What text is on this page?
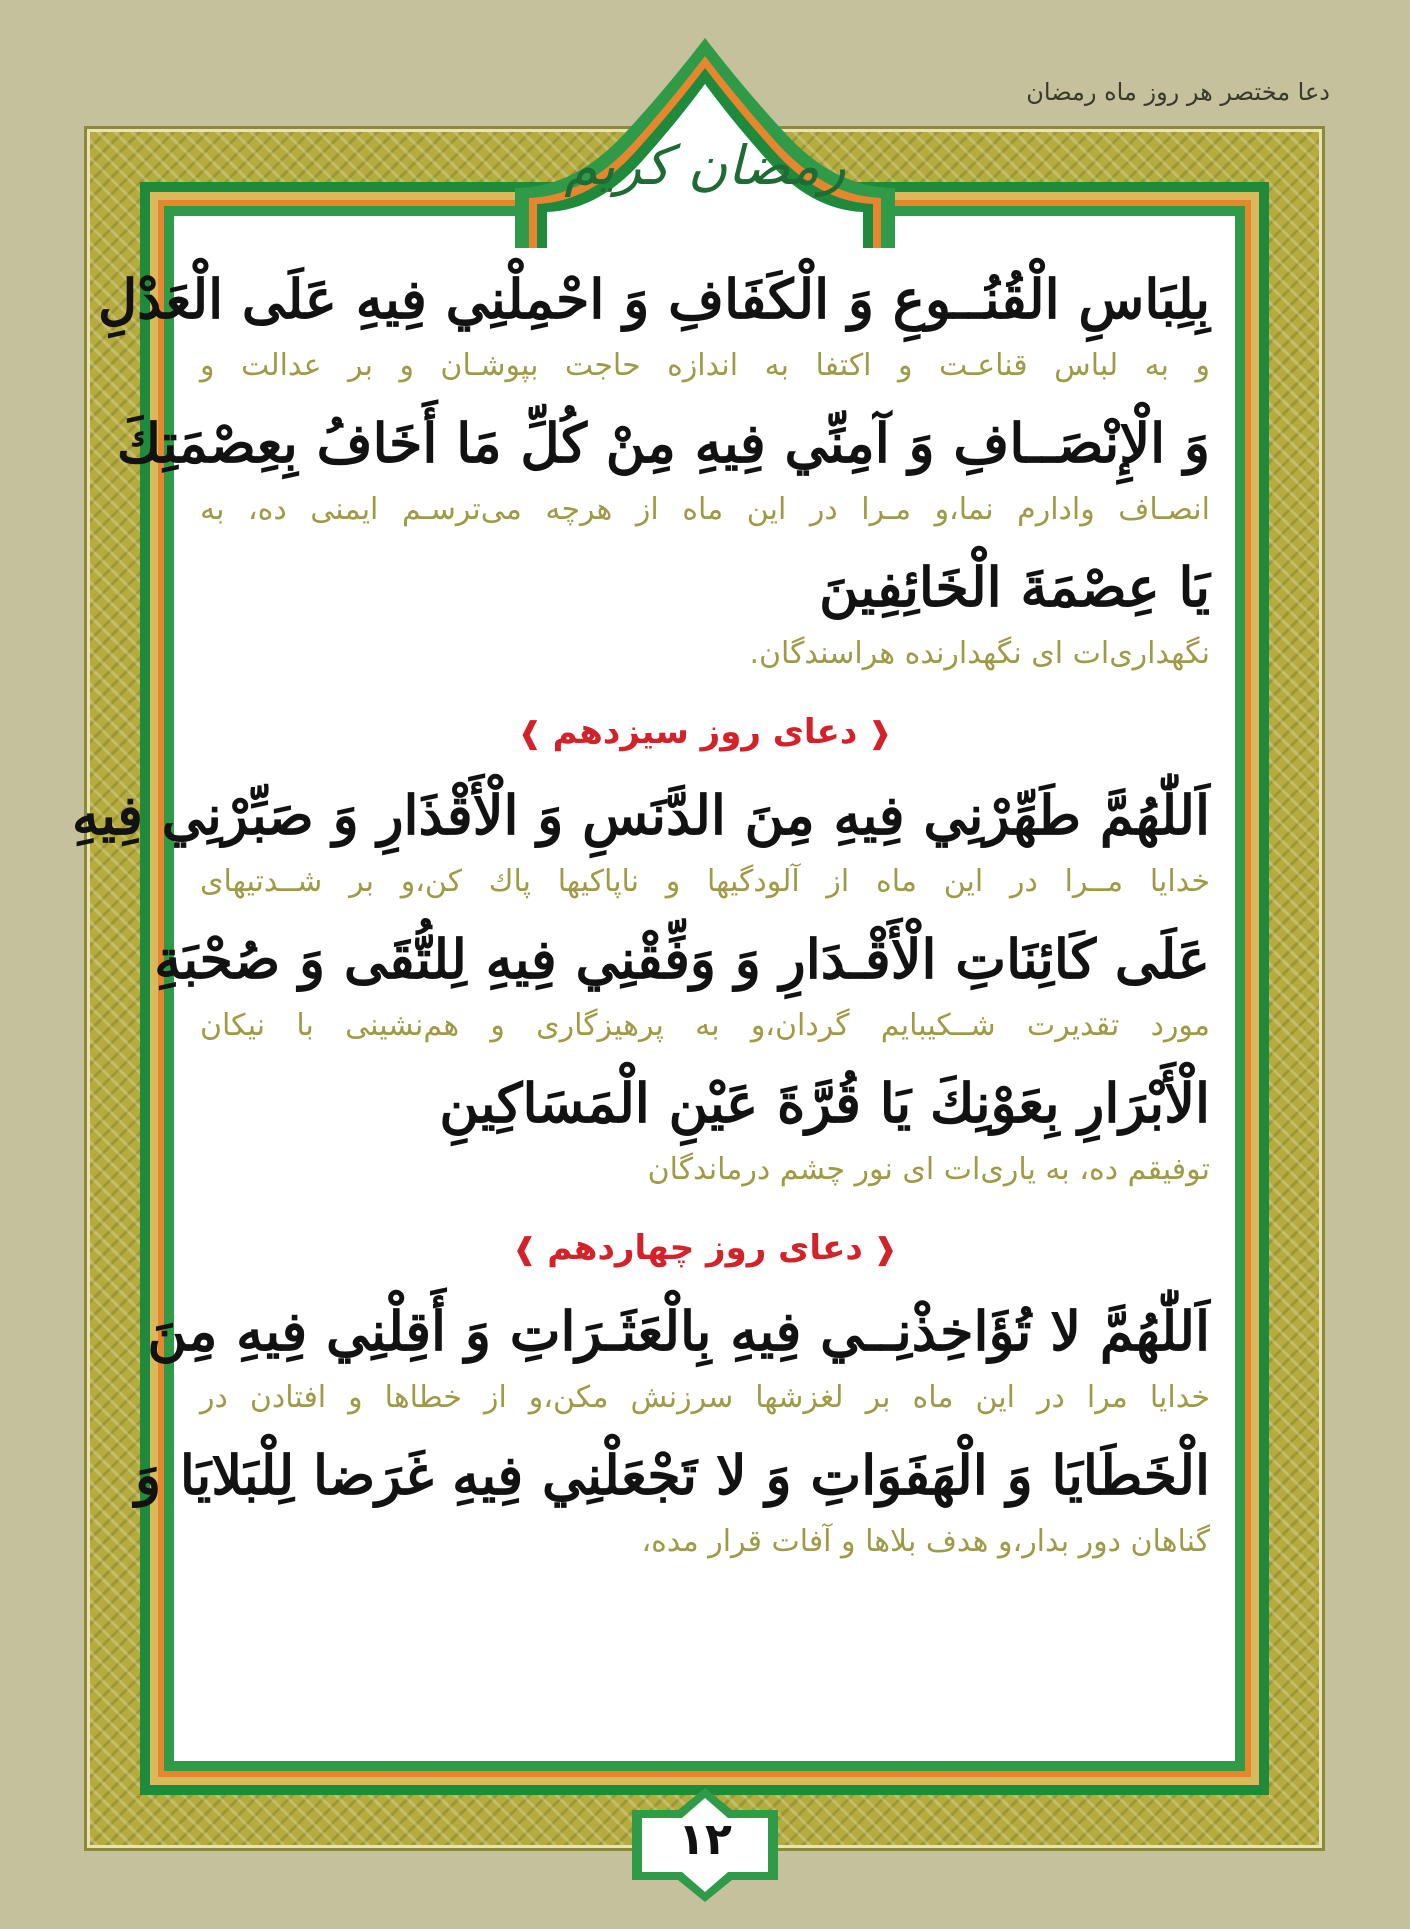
دعا مختصر هر روز ماه رمضان
رمضان کریم
بِلِبَاسِ الْقُنُــوعِ وَ الْكَفَافِ وَ احْمِلْنِي فِيهِ عَلَى الْعَدْلِ
و به لباس قناعـت و اكتفا به اندازه حاجت بپوشـان و بر عدالت و
وَ الْإِنْصَــافِ وَ آمِنِّي فِيهِ مِنْ كُلِّ مَا أَخَافُ بِعِصْمَتِكَ
انصـاف وادارم نما،و مـرا در اين ماه از هرچه می‌ترسـم ايمنی ده، به
يَا عِصْمَةَ الْخَائِفِينَ
نگهداری‌ات ای نگهدارنده هراسندگان.
❰دعای روز سیزدهم❱
اَللّٰهُمَّ طَهِّرْنِي فِيهِ مِنَ الدَّنَسِ وَ الْأَقْذَارِ وَ صَبِّرْنِي فِيهِ
خدايا مــرا در اين ماه از آلودگيها و ناپاكيها پاك كن،و بر شــدتيهای
عَلَى كَائِنَاتِ الْأَقْـدَارِ وَ وَفِّقْنِي فِيهِ لِلتُّقَى وَ صُحْبَةِ
مورد تقديرت شــكيبايم گردان،و به پرهيزگاری و هم‌نشينی با نيكان
الْأَبْرَارِ بِعَوْنِكَ يَا قُرَّةَ عَيْنِ الْمَسَاكِينِ
توفيقم ده، به ياری‌ات ای نور چشم درماندگان
❰دعای روز چهاردهم❱
اَللّٰهُمَّ لا تُؤَاخِذْنِــي فِيهِ بِالْعَثَـرَاتِ وَ أَقِلْنِي فِيهِ مِنَ
خدايا مرا در اين ماه بر لغزشها سرزنش مكن،و از خطاها و افتادن در
الْخَطَايَا وَ الْهَفَوَاتِ وَ لا تَجْعَلْنِي فِيهِ غَرَضا لِلْبَلايَا وَ
گناهان دور بدار،و هدف بلاها و آفات قرار مده،
۱۲
